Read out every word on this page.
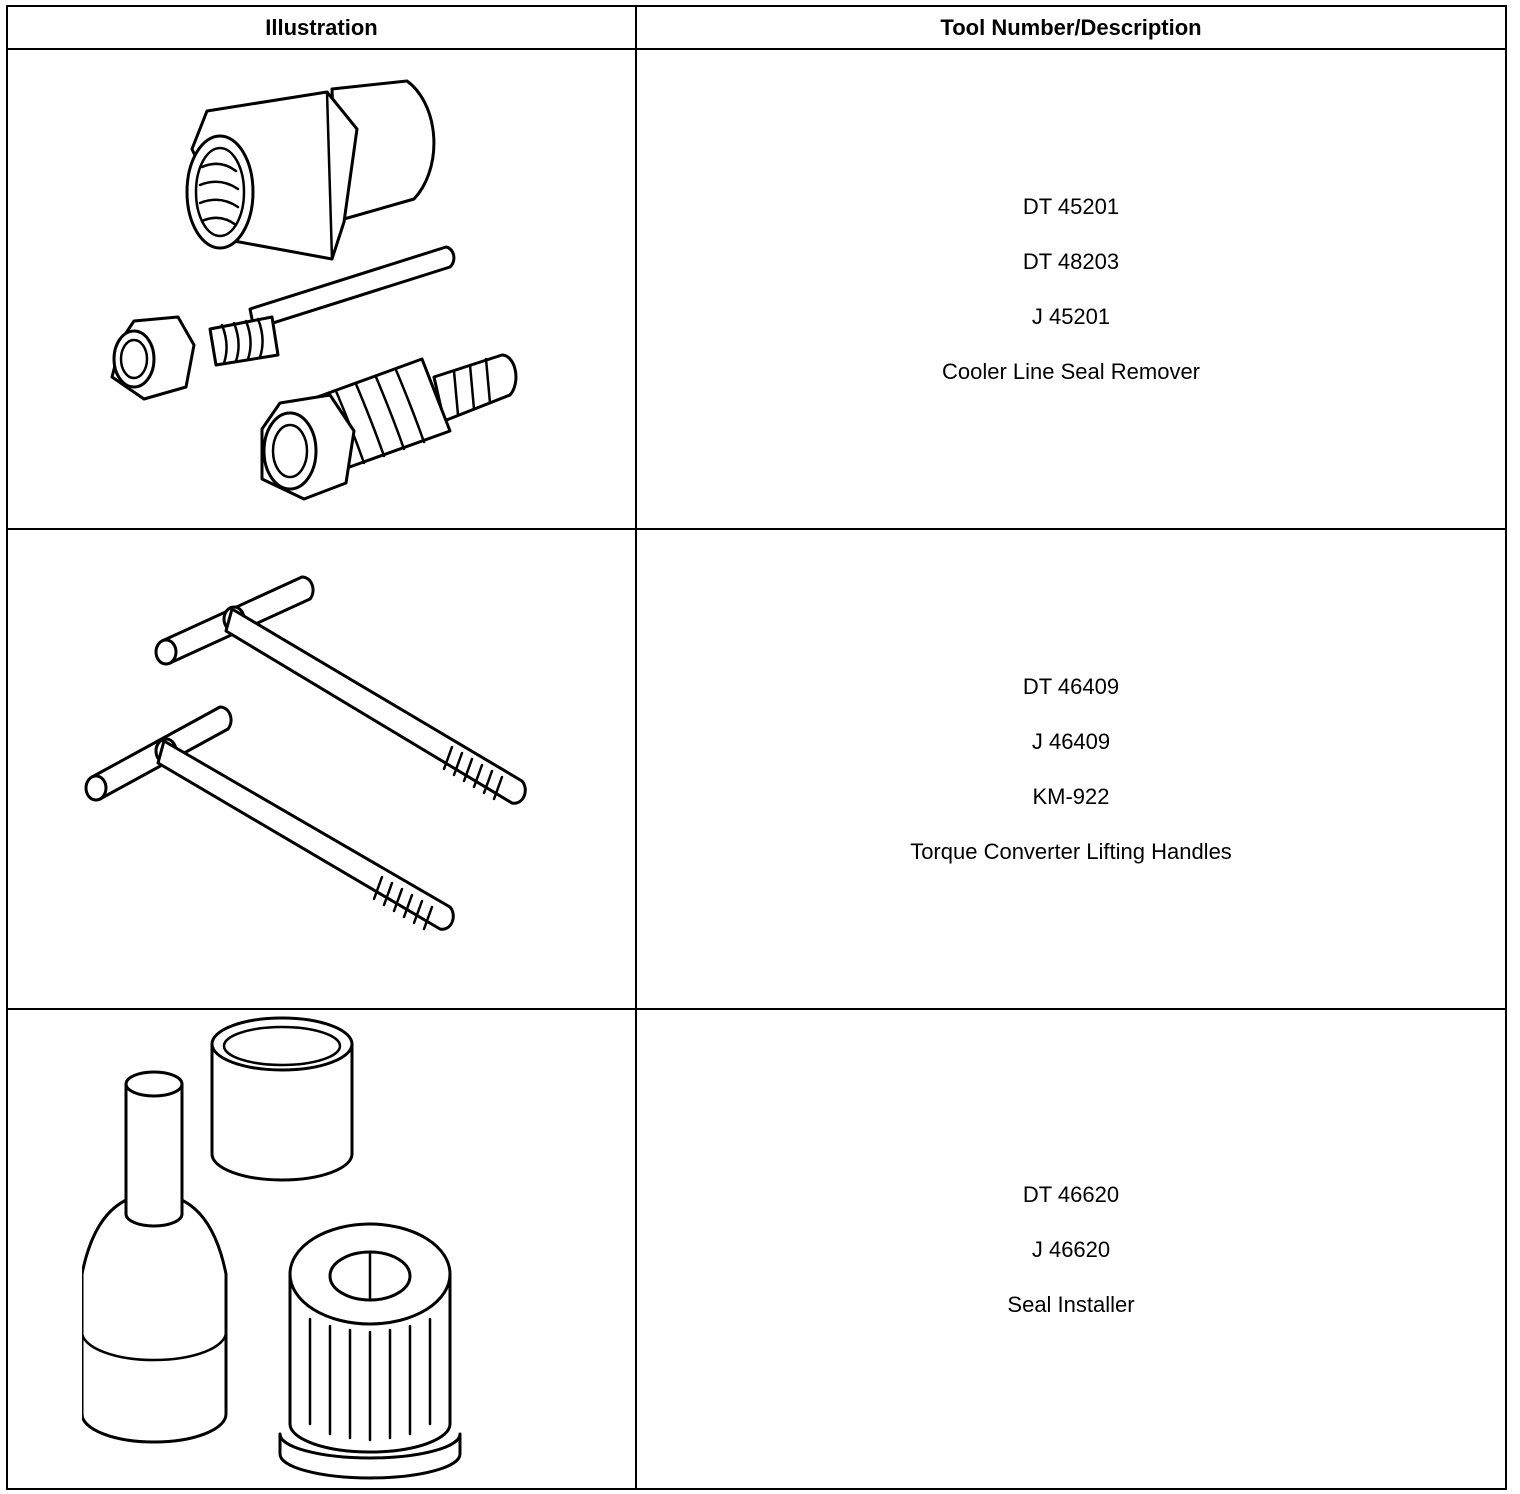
Illustration	Tool Number/Description

DT 45201
DT 48203
J 45201
Cooler Line Seal Remover

DT 46409
J 46409
KM-922
Torque Converter Lifting Handles

DT 46620
J 46620
Seal Installer
